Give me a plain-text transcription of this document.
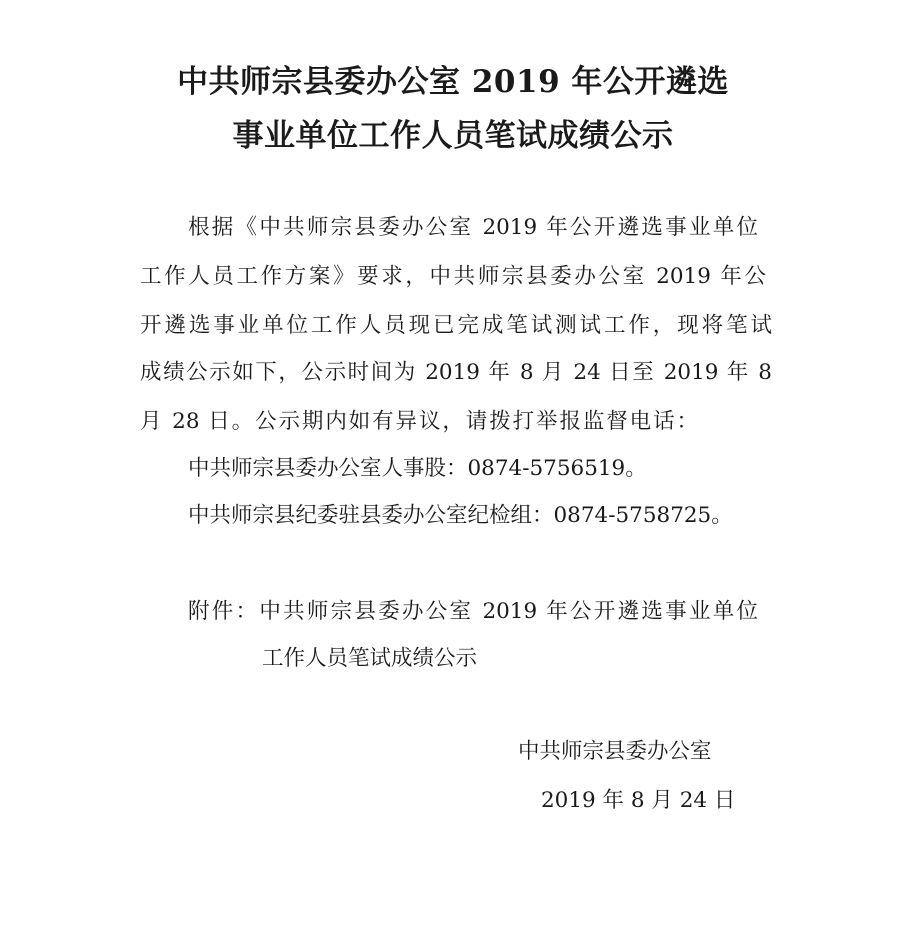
中共师宗县委办公室 2019 年公开遴选
事业单位工作人员笔试成绩公示

根据《中共师宗县委办公室 2019 年公开遴选事业单位

工作人员工作方案》要求，中共师宗县委办公室 2019 年公

开遴选事业单位工作人员现已完成笔试测试工作，现将笔试

成绩公示如下，公示时间为 2019 年 8 月 24 日至 2019 年 8

月 28 日。公示期内如有异议，请拨打举报监督电话：

中共师宗县委办公室人事股：0874-5756519。

中共师宗县纪委驻县委办公室纪检组：0874-5758725。

附件：中共师宗县委办公室 2019 年公开遴选事业单位

工作人员笔试成绩公示

中共师宗县委办公室

2019 年 8 月 24 日
